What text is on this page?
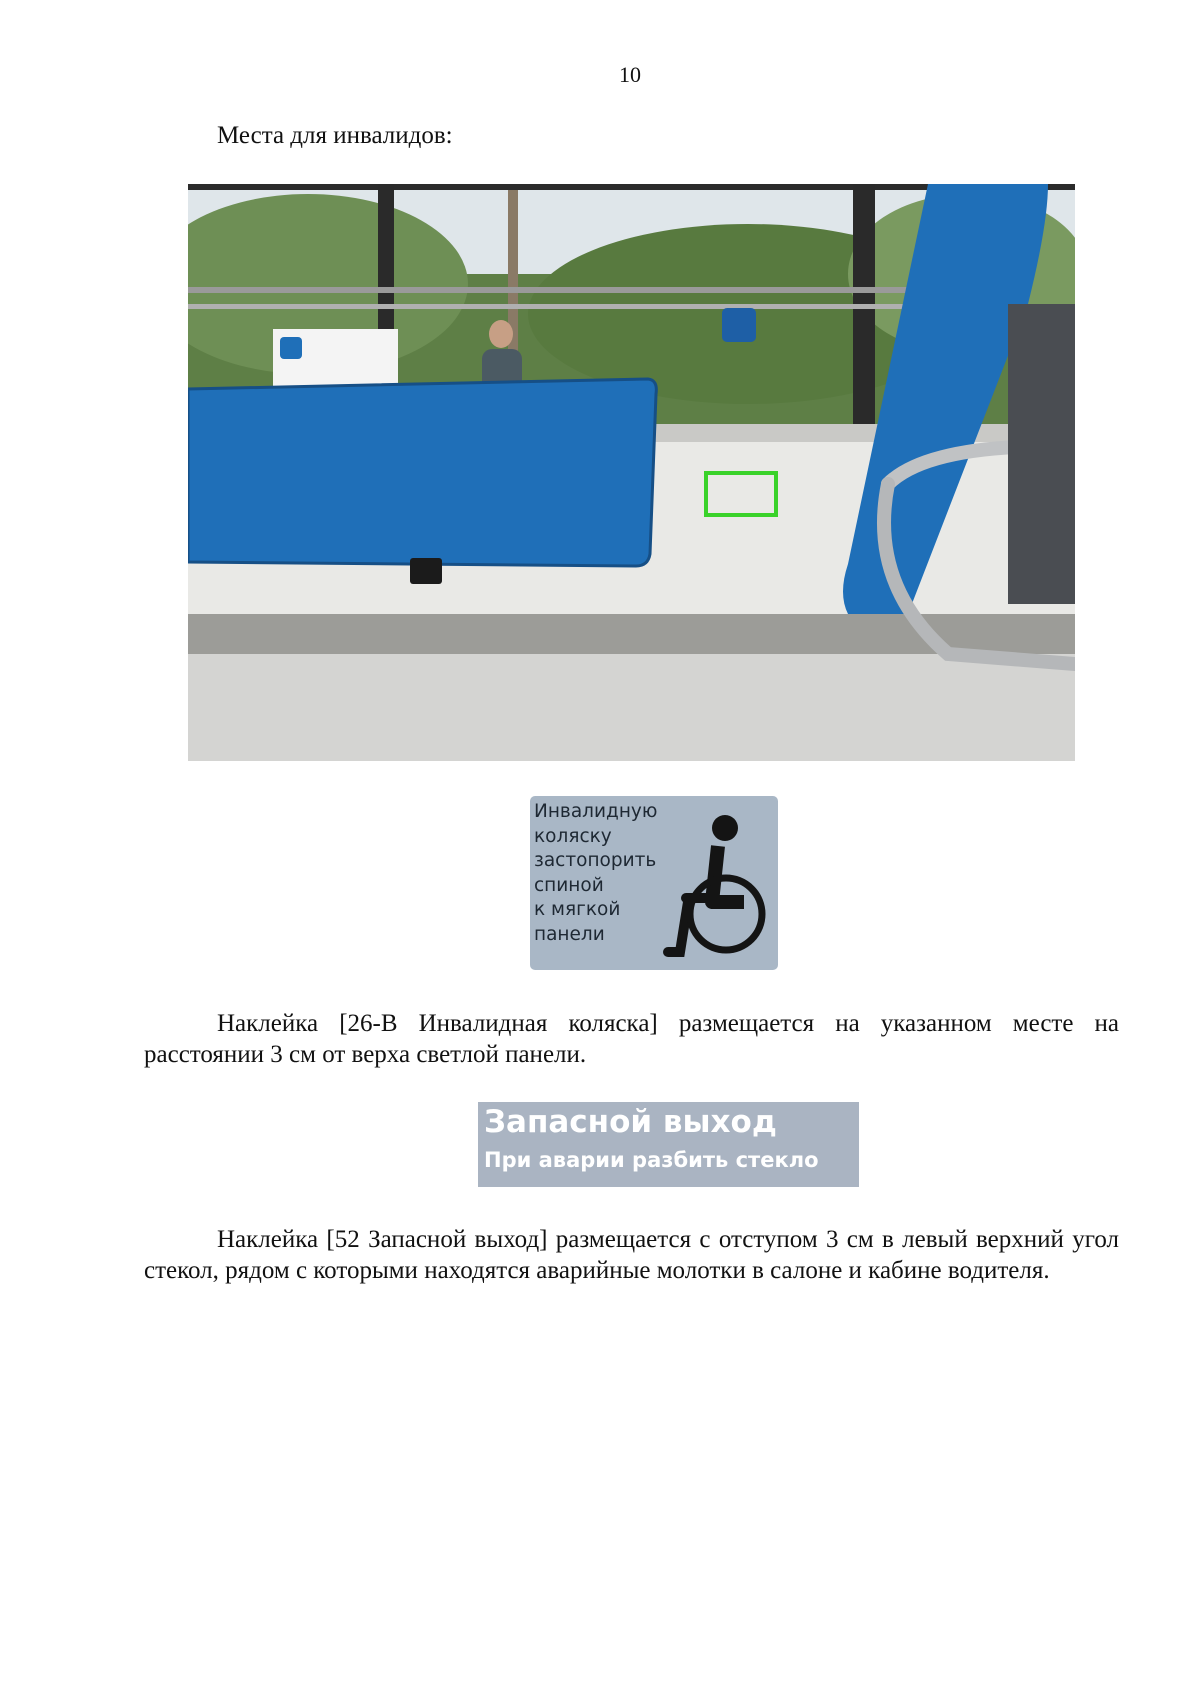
10
Места для инвалидов:
Инвалидную
коляску
застопорить
спиной
к мягкой
панели
Наклейка [26-В Инвалидная коляска] размещается на указанном месте на расстоянии 3 см от верха светлой панели.
Запасной выход
При аварии разбить стекло
Наклейка [52 Запасной выход] размещается с отступом 3 см в левый верхний угол стекол, рядом с которыми находятся аварийные молотки в салоне и кабине водителя.
